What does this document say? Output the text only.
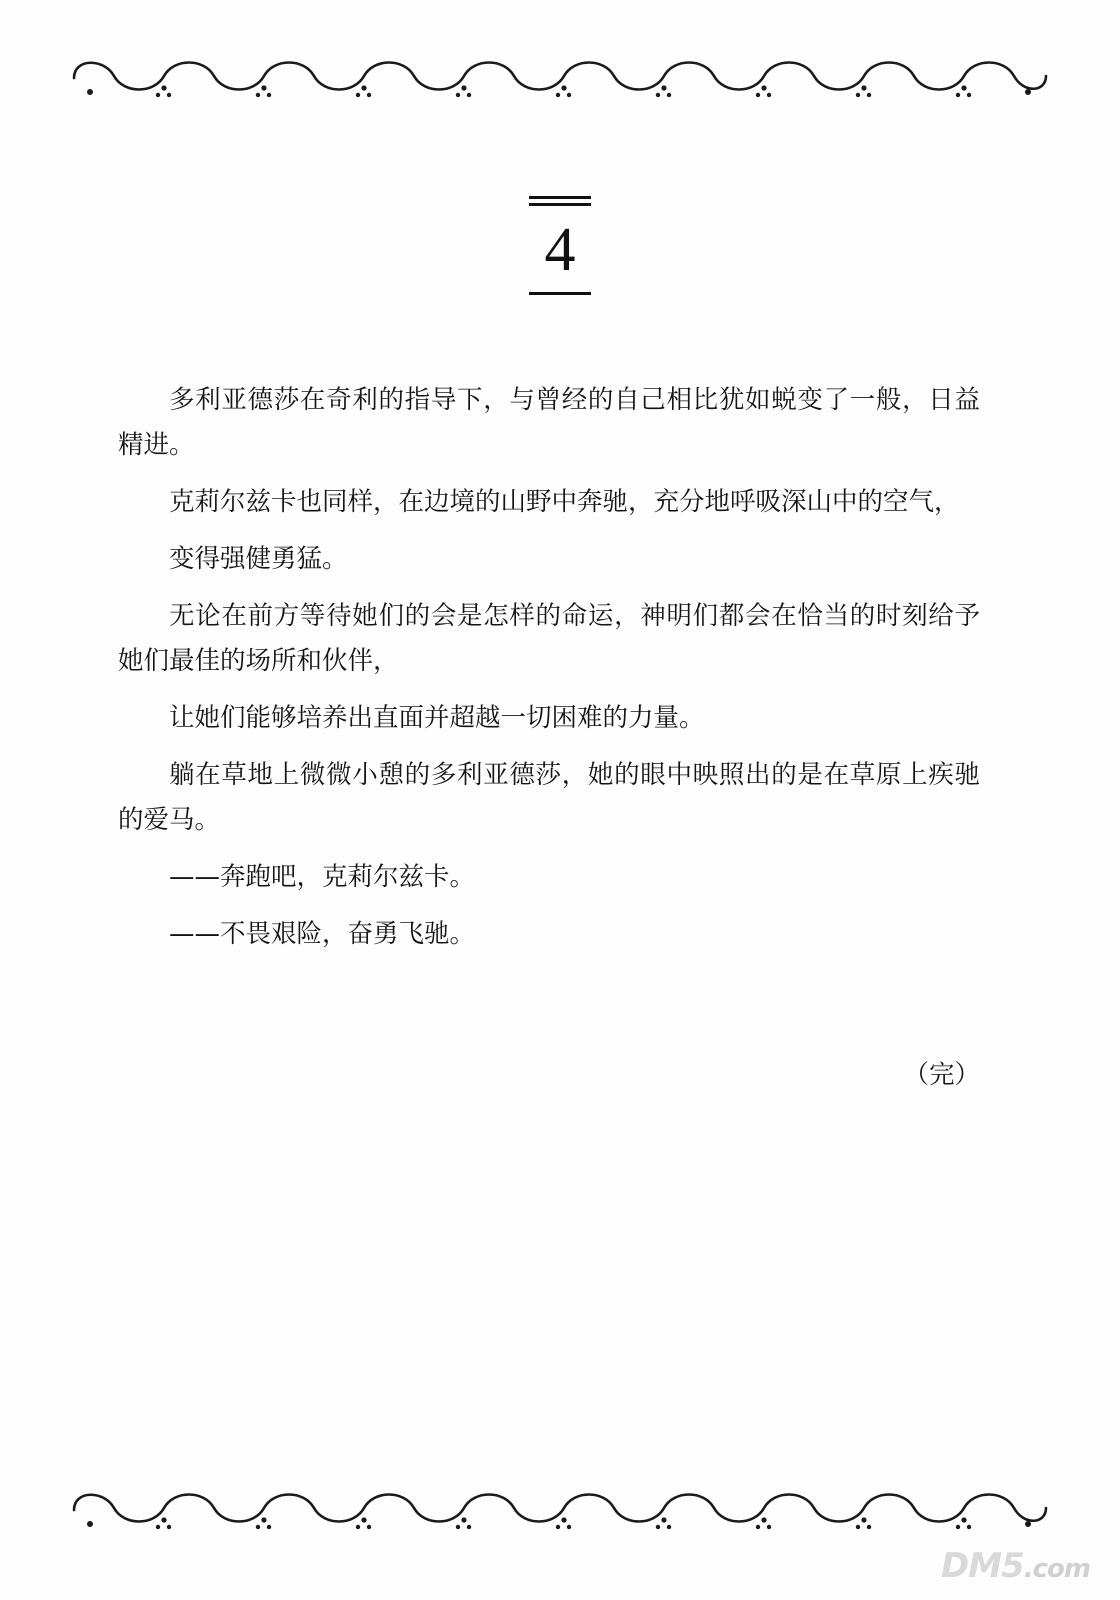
4

多利亚德莎在奇利的指导下，与曾经的自己相比犹如蜕变了一般，日益精进。

克莉尔兹卡也同样，在边境的山野中奔驰，充分地呼吸深山中的空气，

变得强健勇猛。

无论在前方等待她们的会是怎样的命运，神明们都会在恰当的时刻给予她们最佳的场所和伙伴，

让她们能够培养出直面并超越一切困难的力量。

躺在草地上微微小憩的多利亚德莎，她的眼中映照出的是在草原上疾驰的爱马。

——奔跑吧，克莉尔兹卡。

——不畏艰险，奋勇飞驰。

（完）
DM5.com
